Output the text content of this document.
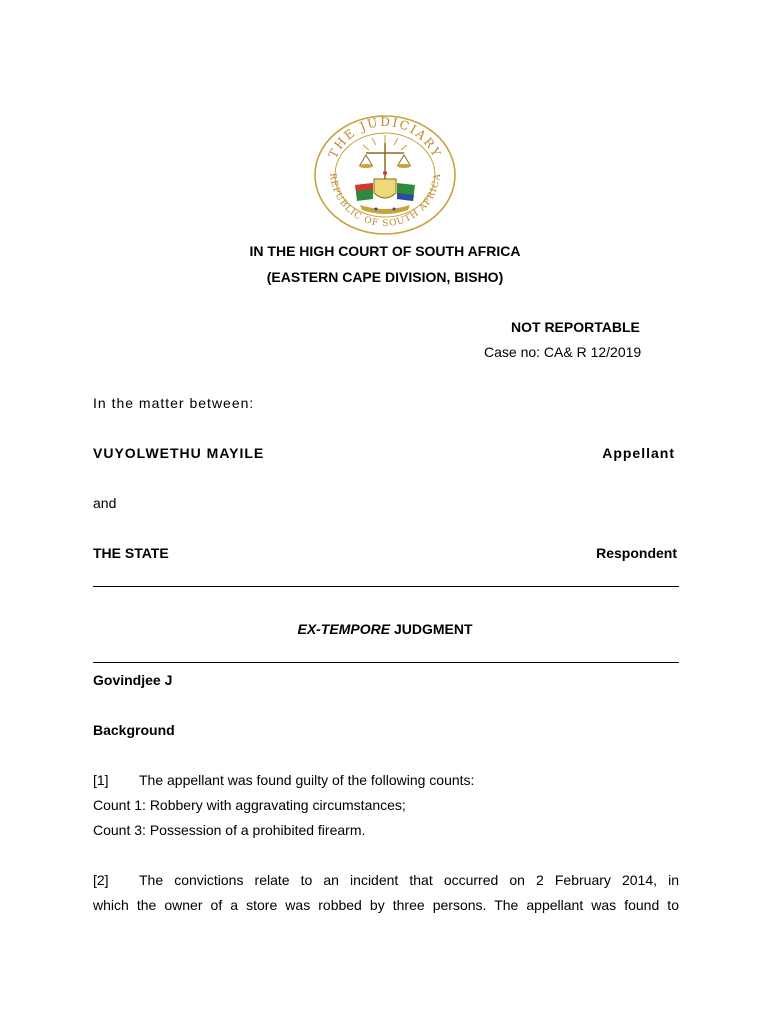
THE JUDICIARY
REPUBLIC OF SOUTH AFRICA
IN THE HIGH COURT OF SOUTH AFRICA
(EASTERN CAPE DIVISION, BISHO)
NOT REPORTABLE
Case no: CA& R 12/2019
In the matter between:
VUYOLWETHU MAYILE	Appellant
and
THE STATE	Respondent
EX-TEMPORE JUDGMENT
Govindjee J
Background
[1] The appellant was found guilty of the following counts:
Count 1: Robbery with aggravating circumstances;
Count 3: Possession of a prohibited firearm.
[2]	The convictions relate to an incident that occurred on 2 February 2014, in
which the owner of a store was robbed by three persons. The appellant was found to
